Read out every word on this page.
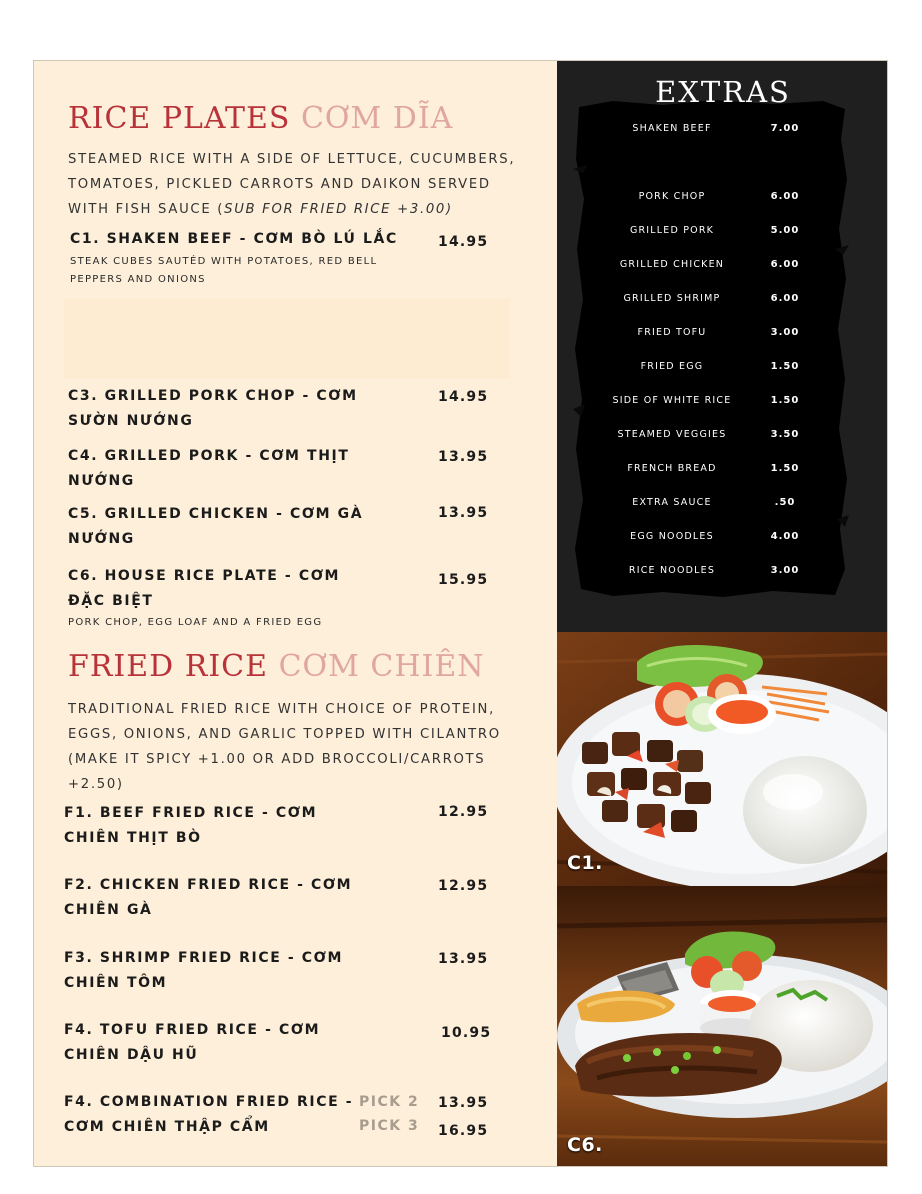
RICE PLATES CƠM DĨA
STEAMED RICE WITH A SIDE OF LETTUCE, CUCUMBERS, TOMATOES, PICKLED CARROTS AND DAIKON SERVED WITH FISH SAUCE (SUB FOR FRIED RICE +3.00)
C1. SHAKEN BEEF - CƠM BÒ LÚ LẮC	14.95
STEAK CUBES SAUTÉD WITH POTATOES, RED BELL PEPPERS AND ONIONS
C3. GRILLED PORK CHOP - CƠM SƯỜN NƯỚNG
14.95
C4. GRILLED PORK - CƠM THỊT NƯỚNG
13.95
C5. GRILLED CHICKEN - CƠM GÀ NƯỚNG
13.95
C6. HOUSE RICE PLATE - CƠM ĐẶC BIỆT
15.95
PORK CHOP, EGG LOAF AND A FRIED EGG
FRIED RICE CƠM CHIÊN
TRADITIONAL FRIED RICE WITH CHOICE OF PROTEIN, EGGS, ONIONS, AND GARLIC TOPPED WITH CILANTRO (MAKE IT SPICY +1.00 OR ADD BROCCOLI/CARROTS +2.50)
F1. BEEF FRIED RICE - CƠM CHIÊN THỊT BÒ
12.95
F2. CHICKEN FRIED RICE - CƠM CHIÊN GÀ
12.95
F3. SHRIMP FRIED RICE - CƠM CHIÊN TÔM
13.95
F4. TOFU FRIED RICE - CƠM CHIÊN DẬU HŨ
10.95
F4. COMBINATION FRIED RICE - CƠM CHIÊN THẬP CẨM
PICK 2 13.95
PICK 3 16.95
EXTRAS
SHAKEN BEEF	7.00
PORK CHOP	6.00
GRILLED PORK	5.00
GRILLED CHICKEN	6.00
GRILLED SHRIMP	6.00
FRIED TOFU	3.00
FRIED EGG	1.50
SIDE OF WHITE RICE	1.50
STEAMED VEGGIES	3.50
FRENCH BREAD	1.50
EXTRA SAUCE	.50
EGG NOODLES	4.00
RICE NOODLES	3.00
C1.
C6.
